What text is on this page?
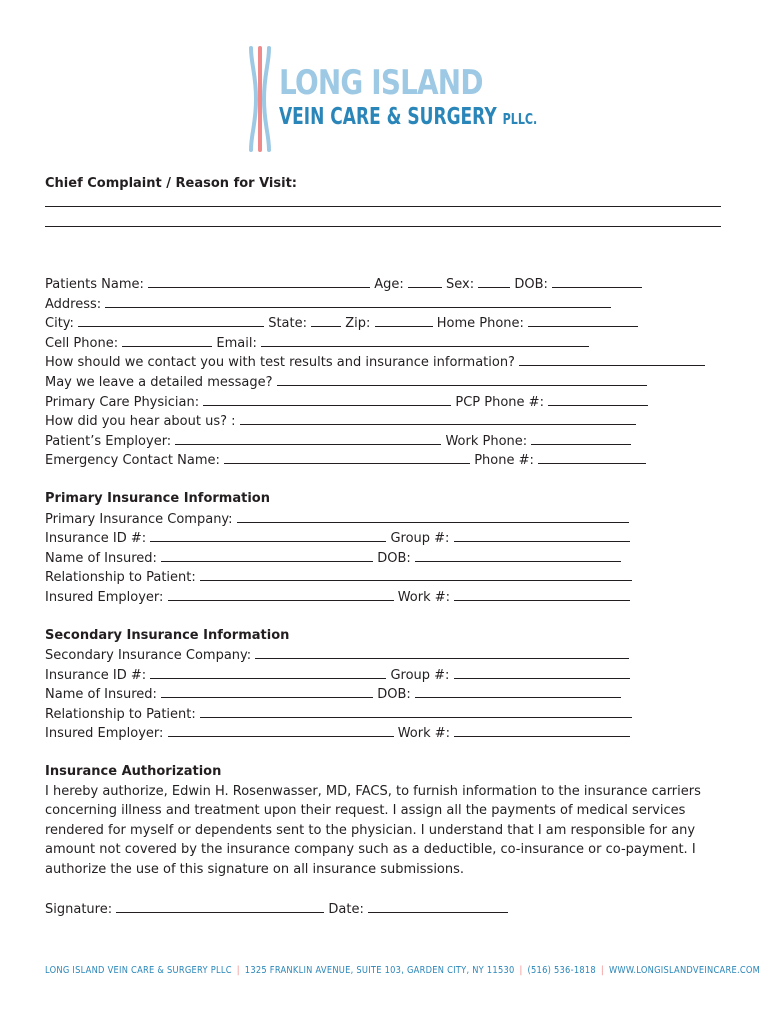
LONG ISLAND
VEIN CARE & SURGERY PLLC.
Chief Complaint / Reason for Visit:
Patients Name:	Age:	Sex:	DOB:
Address:
City:	State:	Zip:	Home Phone:
Cell Phone:	Email:
How should we contact you with test results and insurance information?
May we leave a detailed message?
Primary Care Physician:	PCP Phone #:
How did you hear about us? :
Patient’s Employer:	Work Phone:
Emergency Contact Name:	Phone #:
Primary Insurance Information
Primary Insurance Company:
Insurance ID #:	Group #:
Name of Insured:	DOB:
Relationship to Patient:
Insured Employer:	Work #:
Secondary Insurance Information
Secondary Insurance Company:
Insurance ID #:	Group #:
Name of Insured:	DOB:
Relationship to Patient:
Insured Employer:	Work #:
Insurance Authorization

I hereby authorize, Edwin H. Rosenwasser, MD, FACS, to furnish information to the insurance carriers concerning illness and treatment upon their request. I assign all the payments of medical services rendered for myself or dependents sent to the physician. I understand that I am responsible for any amount not covered by the insurance company such as a deductible, co-insurance or co-payment. I authorize the use of this signature on all insurance submissions.

Signature:	Date:
LONG ISLAND VEIN CARE & SURGERY PLLC | 1325 FRANKLIN AVENUE, SUITE 103, GARDEN CITY, NY 11530 | (516) 536-1818 | WWW.LONGISLANDVEINCARE.COM
